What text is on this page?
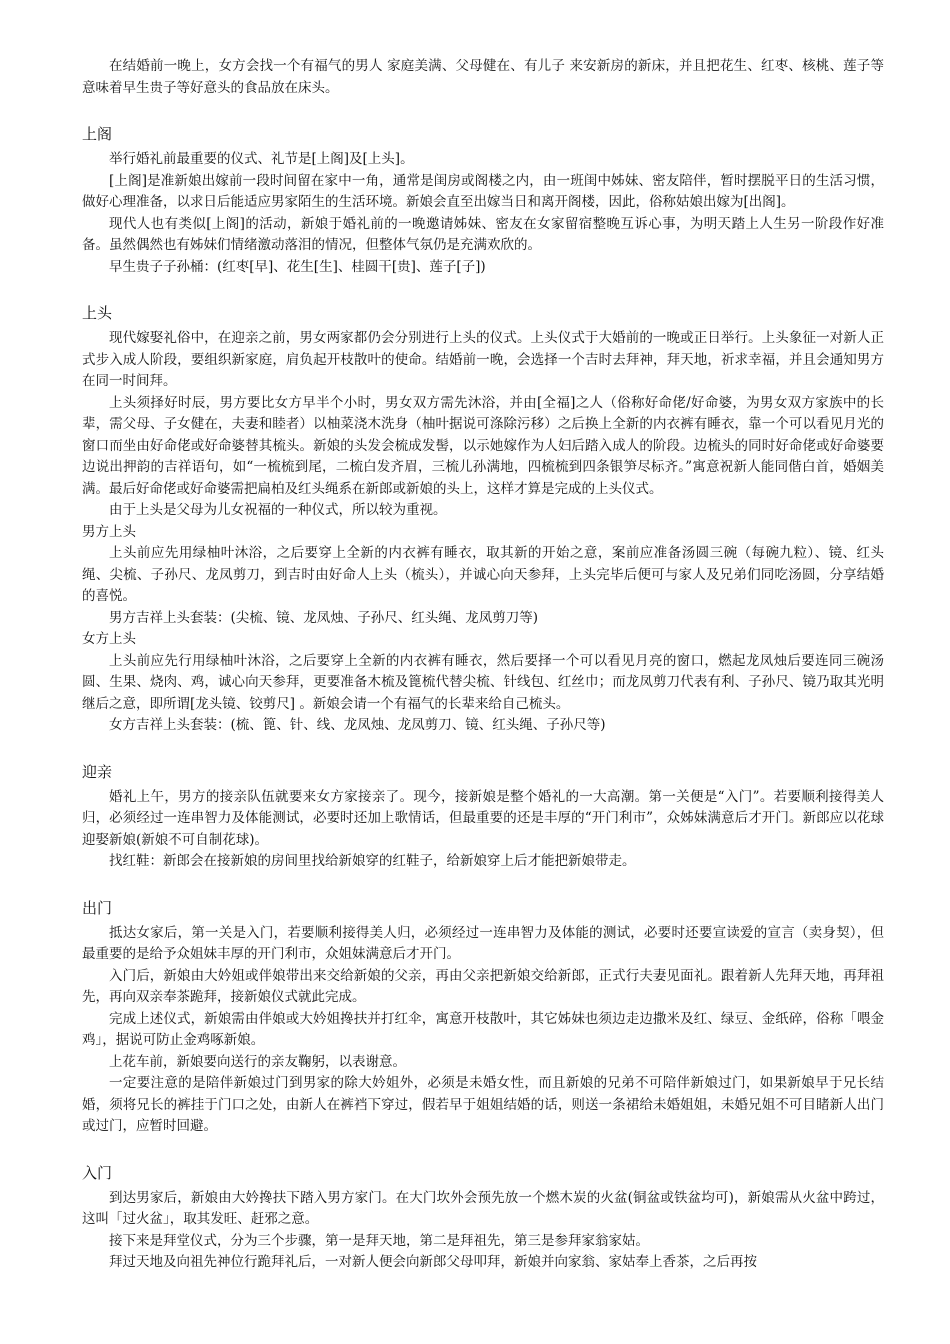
在结婚前一晚上，女方会找一个有福气的男人 家庭美满、父母健在、有儿子 来安新房的新床，并且把花生、红枣、核桃、莲子等意味着早生贵子等好意头的食品放在床头。

上阁

举行婚礼前最重要的仪式、礼节是[上阁]及[上头]。

[上阁]是准新娘出嫁前一段时间留在家中一角，通常是闺房或阁楼之内，由一班闺中姊妹、密友陪伴，暂时摆脱平日的生活习惯，做好心理准备，以求日后能适应男家陌生的生活环境。新娘会直至出嫁当日和离开阁楼，因此，俗称姑娘出嫁为[出阁]。

现代人也有类似[上阁]的活动，新娘于婚礼前的一晚邀请姊妹、密友在女家留宿整晚互诉心事，为明天踏上人生另一阶段作好准备。虽然偶然也有姊妹们情绪激动落泪的情况，但整体气氛仍是充满欢欣的。

早生贵子子孙桶：(红枣[早]、花生[生]、桂圆干[贵]、莲子[子])

上头

现代嫁娶礼俗中，在迎亲之前，男女两家都仍会分别进行上头的仪式。上头仪式于大婚前的一晚或正日举行。上头象征一对新人正式步入成人阶段，要组织新家庭，肩负起开枝散叶的使命。结婚前一晚，会选择一个吉时去拜神，拜天地，祈求幸福，并且会通知男方在同一时间拜。

上头须择好时辰，男方要比女方早半个小时，男女双方需先沐浴，并由[全福]之人（俗称好命佬/好命婆，为男女双方家族中的长辈，需父母、子女健在，夫妻和睦者）以柚菜浇木洗身（柚叶据说可涤除污移）之后换上全新的内衣裤有睡衣，靠一个可以看见月光的窗口而坐由好命佬或好命婆替其梳头。新娘的头发会梳成发髻，以示她嫁作为人妇后踏入成人的阶段。边梳头的同时好命佬或好命婆要边说出押韵的吉祥语句，如“一梳梳到尾，二梳白发齐眉，三梳儿孙满地，四梳梳到四条银笋尽标齐。”寓意祝新人能同偕白首，婚姻美满。最后好命佬或好命婆需把扁柏及红头绳系在新郎或新娘的头上，这样才算是完成的上头仪式。

由于上头是父母为儿女祝福的一种仪式，所以较为重视。

男方上头

上头前应先用绿柚叶沐浴，之后要穿上全新的内衣裤有睡衣，取其新的开始之意，案前应准备汤圆三碗（每碗九粒）、镜、红头绳、尖梳、子孙尺、龙凤剪刀，到吉时由好命人上头（梳头），并诚心向天参拜，上头完毕后便可与家人及兄弟们同吃汤圆，分享结婚的喜悦。

男方吉祥上头套装：(尖梳、镜、龙凤烛、子孙尺、红头绳、龙凤剪刀等)

女方上头

上头前应先行用绿柚叶沐浴，之后要穿上全新的内衣裤有睡衣，然后要择一个可以看见月亮的窗口，燃起龙凤烛后要连同三碗汤圆、生果、烧肉、鸡，诚心向天参拜，更要准备木梳及篦梳代替尖梳、针线包、红丝巾；而龙凤剪刀代表有利、子孙尺、镜乃取其光明继后之意，即所谓[龙头镜、铰剪尺] 。新娘会请一个有福气的长辈来给自己梳头。

女方吉祥上头套装：(梳、篦、针、线、龙凤烛、龙凤剪刀、镜、红头绳、子孙尺等)

迎亲

婚礼上午，男方的接亲队伍就要来女方家接亲了。现今，接新娘是整个婚礼的一大高潮。第一关便是“入门”。若要顺利接得美人归，必须经过一连串智力及体能测试，必要时还加上歌情话，但最重要的还是丰厚的“开门利市”，众姊妹满意后才开门。新郎应以花球迎娶新娘(新娘不可自制花球)。

找红鞋：新郎会在接新娘的房间里找给新娘穿的红鞋子，给新娘穿上后才能把新娘带走。

出门

抵达女家后，第一关是入门，若要顺利接得美人归，必须经过一连串智力及体能的测试，必要时还要宣读爱的宣言（卖身契），但最重要的是给予众姐妹丰厚的开门利市，众姐妹满意后才开门。

入门后，新娘由大妗姐或伴娘带出来交给新娘的父亲，再由父亲把新娘交给新郎，正式行夫妻见面礼。跟着新人先拜天地，再拜祖先，再向双亲奉茶跪拜，接新娘仪式就此完成。

完成上述仪式，新娘需由伴娘或大妗姐搀扶并打红伞，寓意开枝散叶，其它姊妹也须边走边撒米及红、绿豆、金纸碎，俗称「喂金鸡」，据说可防止金鸡啄新娘。

上花车前，新娘要向送行的亲友鞠躬，以表谢意。

一定要注意的是陪伴新娘过门到男家的除大妗姐外，必须是未婚女性，而且新娘的兄弟不可陪伴新娘过门，如果新娘早于兄长结婚，须将兄长的裤挂于门口之处，由新人在裤裆下穿过，假若早于姐姐结婚的话，则送一条裙给未婚姐姐，未婚兄姐不可目睹新人出门或过门，应暂时回避。

入门

到达男家后，新娘由大妗搀扶下踏入男方家门。在大门坎外会预先放一个燃木炭的火盆(铜盆或铁盆均可)，新娘需从火盆中跨过，这叫「过火盆」，取其发旺、赶邪之意。

接下来是拜堂仪式，分为三个步骤，第一是拜天地，第二是拜祖先，第三是参拜家翁家姑。

拜过天地及向祖先神位行跪拜礼后，一对新人便会向新郎父母叩拜，新娘并向家翁、家姑奉上香茶，之后再按
